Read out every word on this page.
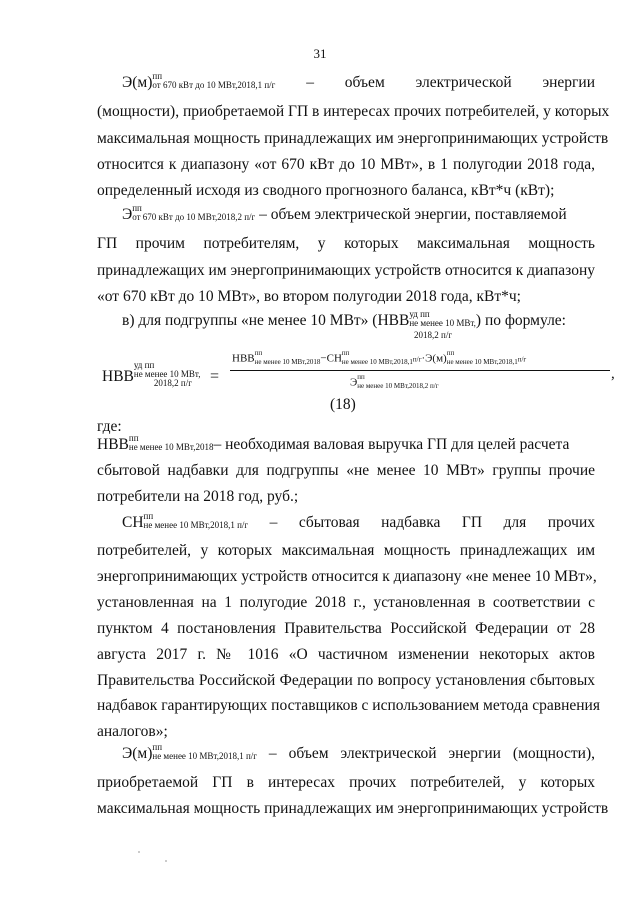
31
Э(м) пп
от 670 кВт до 10 МВт,2018,1 п/г – объем электрической энергии
(мощности), приобретаемой ГП в интересах прочих потребителей, у которых
максимальная мощность принадлежащих им энергопринимающих устройств
относится к диапазону «от 670 кВт до 10 МВт», в 1 полугодии 2018 года,
определенный исходя из сводного прогнозного баланса, кВт*ч (кВт);
Э пп
от 670 кВт до 10 МВт,2018,2 п/г – объем электрической энергии, поставляемой
ГП прочим потребителям, у которых максимальная мощность
принадлежащих им энергопринимающих устройств относится к диапазону
«от 670 кВт до 10 МВт», во втором полугодии 2018 года, кВт*ч;
в) для подгруппы «не менее 10 МВт» (НВВ уд пп
не менее 10 МВт, ) по формуле:
2018,2 п/г
НВВ
уд пп
не менее 10 МВт,
2018,2 п/г	=
НВВ пп
не менее 10 МВт,2018 −СН пп
не менее 10 МВт,2018,1 п/г·Э(м) пп
не менее 10 МВт,2018,1 п/г
Э пп
не менее 10 МВт,2018,2 п/г
,
(18)
где:
НВВ пп
не менее 10 МВт,2018 – необходимая валовая выручка ГП для целей расчета
сбытовой надбавки для подгруппы «не менее 10 МВт» группы прочие
потребители на 2018 год, руб.;
СН пп
не менее 10 МВт,2018,1 п/г – сбытовая надбавка ГП для прочих
потребителей, у которых максимальная мощность принадлежащих им
энергопринимающих устройств относится к диапазону «не менее 10 МВт»,
установленная на 1 полугодие 2018 г., установленная в соответствии с
пунктом 4 постановления Правительства Российской Федерации от 28
августа 2017 г. № 1016 «О частичном изменении некоторых актов
Правительства Российской Федерации по вопросу установления сбытовых
надбавок гарантирующих поставщиков с использованием метода сравнения
аналогов»;
Э(м) пп
не менее 10 МВт,2018,1 п/г – объем электрической энергии (мощности),
приобретаемой ГП в интересах прочих потребителей, у которых
максимальная мощность принадлежащих им энергопринимающих устройств
